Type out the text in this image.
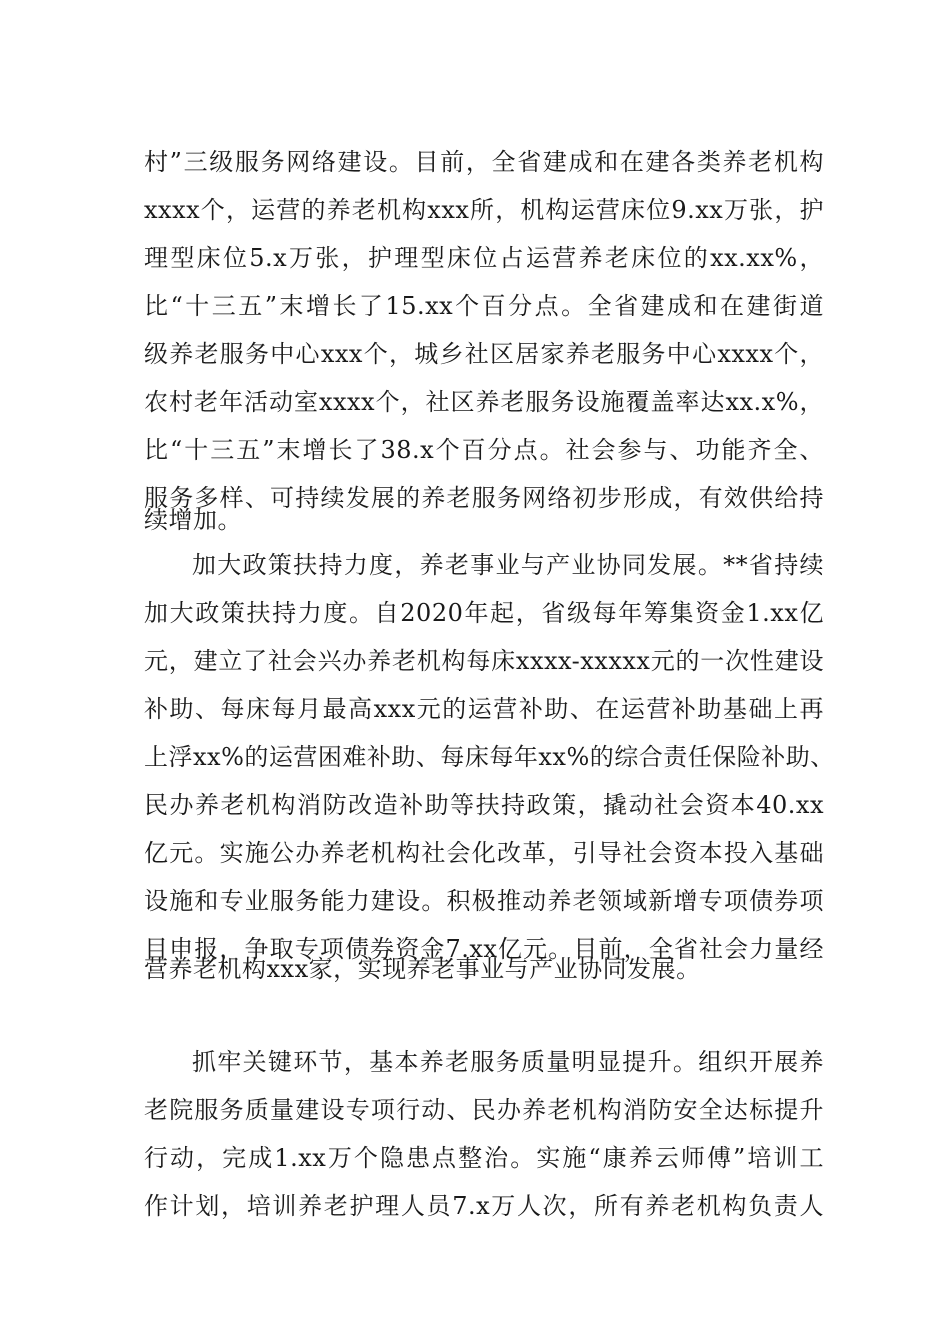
村”三级服务网络建设。目前，全省建成和在建各类养老机构
xxxx个，运营的养老机构xxx所，机构运营床位9.xx万张，护
理型床位5.x万张，护理型床位占运营养老床位的xx.xx%，
比“十三五”末增长了15.xx个百分点。全省建成和在建街道
级养老服务中心xxx个，城乡社区居家养老服务中心xxxx个，
农村老年活动室xxxx个，社区养老服务设施覆盖率达xx.x%，
比“十三五”末增长了38.x个百分点。社会参与、功能齐全、
服务多样、可持续发展的养老服务网络初步形成，有效供给持
续增加。
加大政策扶持力度，养老事业与产业协同发展。**省持续
加大政策扶持力度。自2020年起，省级每年筹集资金1.xx亿
元，建立了社会兴办养老机构每床xxxx-xxxxx元的一次性建设
补助、每床每月最高xxx元的运营补助、在运营补助基础上再
上浮xx%的运营困难补助、每床每年xx%的综合责任保险补助、
民办养老机构消防改造补助等扶持政策，撬动社会资本40.xx
亿元。实施公办养老机构社会化改革，引导社会资本投入基础
设施和专业服务能力建设。积极推动养老领域新增专项债券项
目申报，争取专项债券资金7.xx亿元。目前，全省社会力量经
营养老机构xxx家，实现养老事业与产业协同发展。
抓牢关键环节，基本养老服务质量明显提升。组织开展养
老院服务质量建设专项行动、民办养老机构消防安全达标提升
行动，完成1.xx万个隐患点整治。实施“康养云师傅”培训工
作计划，培训养老护理人员7.x万人次，所有养老机构负责人
